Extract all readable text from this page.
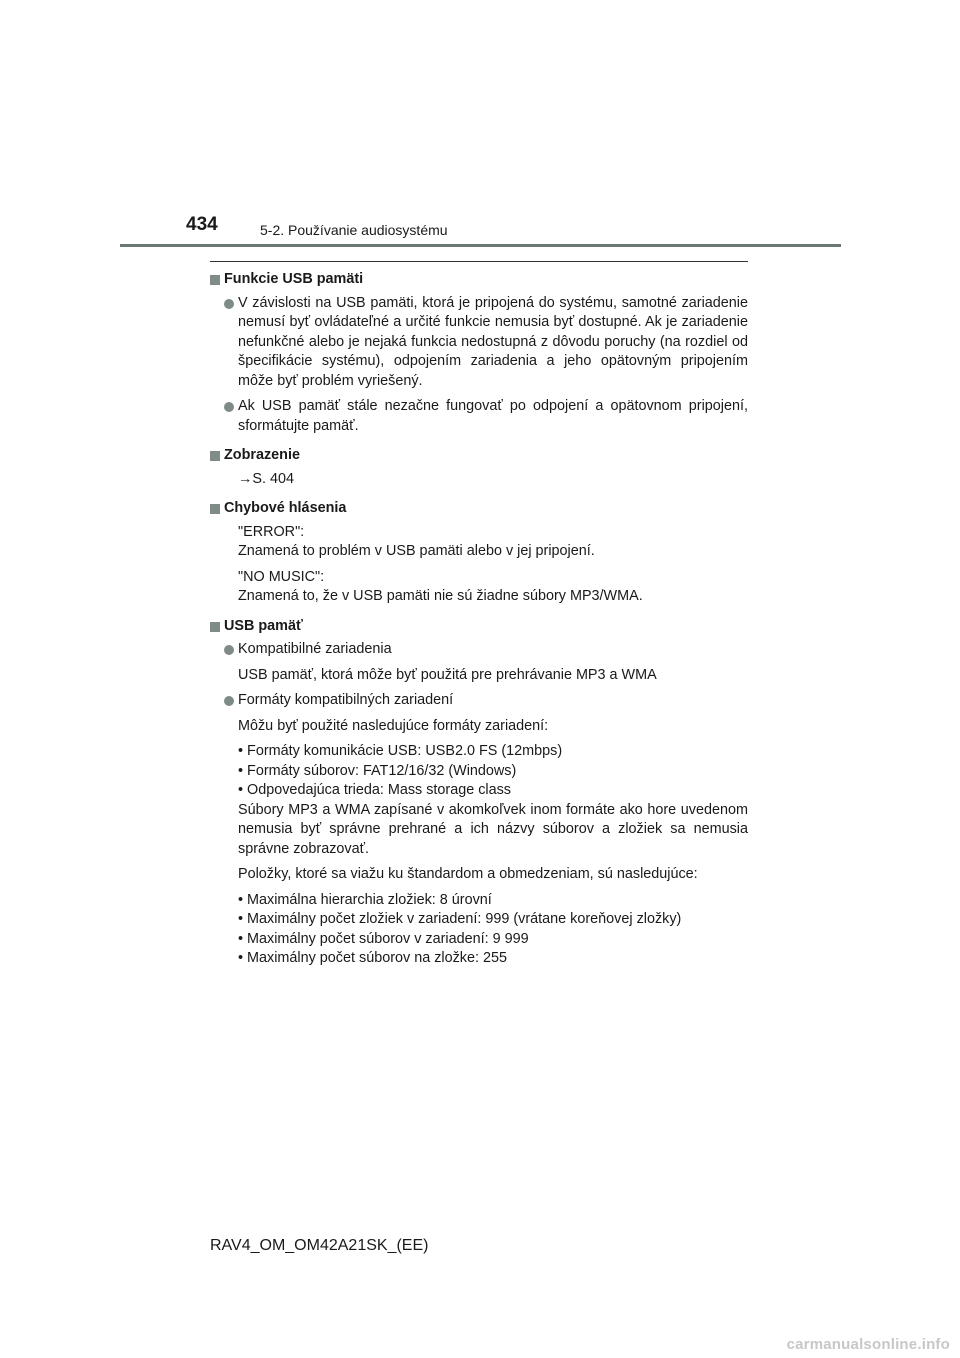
434	5-2. Používanie audiosystému
Funkcie USB pamäti
V závislosti na USB pamäti, ktorá je pripojená do systému, samotné zariadenie nemusí byť ovládateľné a určité funkcie nemusia byť dostupné. Ak je zariadenie nefunkčné alebo je nejaká funkcia nedostupná z dôvodu poruchy (na rozdiel od špecifikácie systému), odpojením zariadenia a jeho opätovným pripojením môže byť problém vyriešený.
Ak USB pamäť stále nezačne fungovať po odpojení a opätovnom pripojení, sformátujte pamäť.
Zobrazenie
→S. 404
Chybové hlásenia
"ERROR":
Znamená to problém v USB pamäti alebo v jej pripojení.
"NO MUSIC":
Znamená to, že v USB pamäti nie sú žiadne súbory MP3/WMA.
USB pamäť
Kompatibilné zariadenia
USB pamäť, ktorá môže byť použitá pre prehrávanie MP3 a WMA
Formáty kompatibilných zariadení
Môžu byť použité nasledujúce formáty zariadení:
• Formáty komunikácie USB: USB2.0 FS (12mbps)
• Formáty súborov: FAT12/16/32 (Windows)
• Odpovedajúca trieda: Mass storage class
Súbory MP3 a WMA zapísané v akomkoľvek inom formáte ako hore uvedenom nemusia byť správne prehrané a ich názvy súborov a zložiek sa nemusia správne zobrazovať.
Položky, ktoré sa viažu ku štandardom a obmedzeniam, sú nasledujúce:
• Maximálna hierarchia zložiek: 8 úrovní
• Maximálny počet zložiek v zariadení: 999 (vrátane koreňovej zložky)
• Maximálny počet súborov v zariadení: 9 999
• Maximálny počet súborov na zložke: 255
RAV4_OM_OM42A21SK_(EE)
carmanualsonline.info
